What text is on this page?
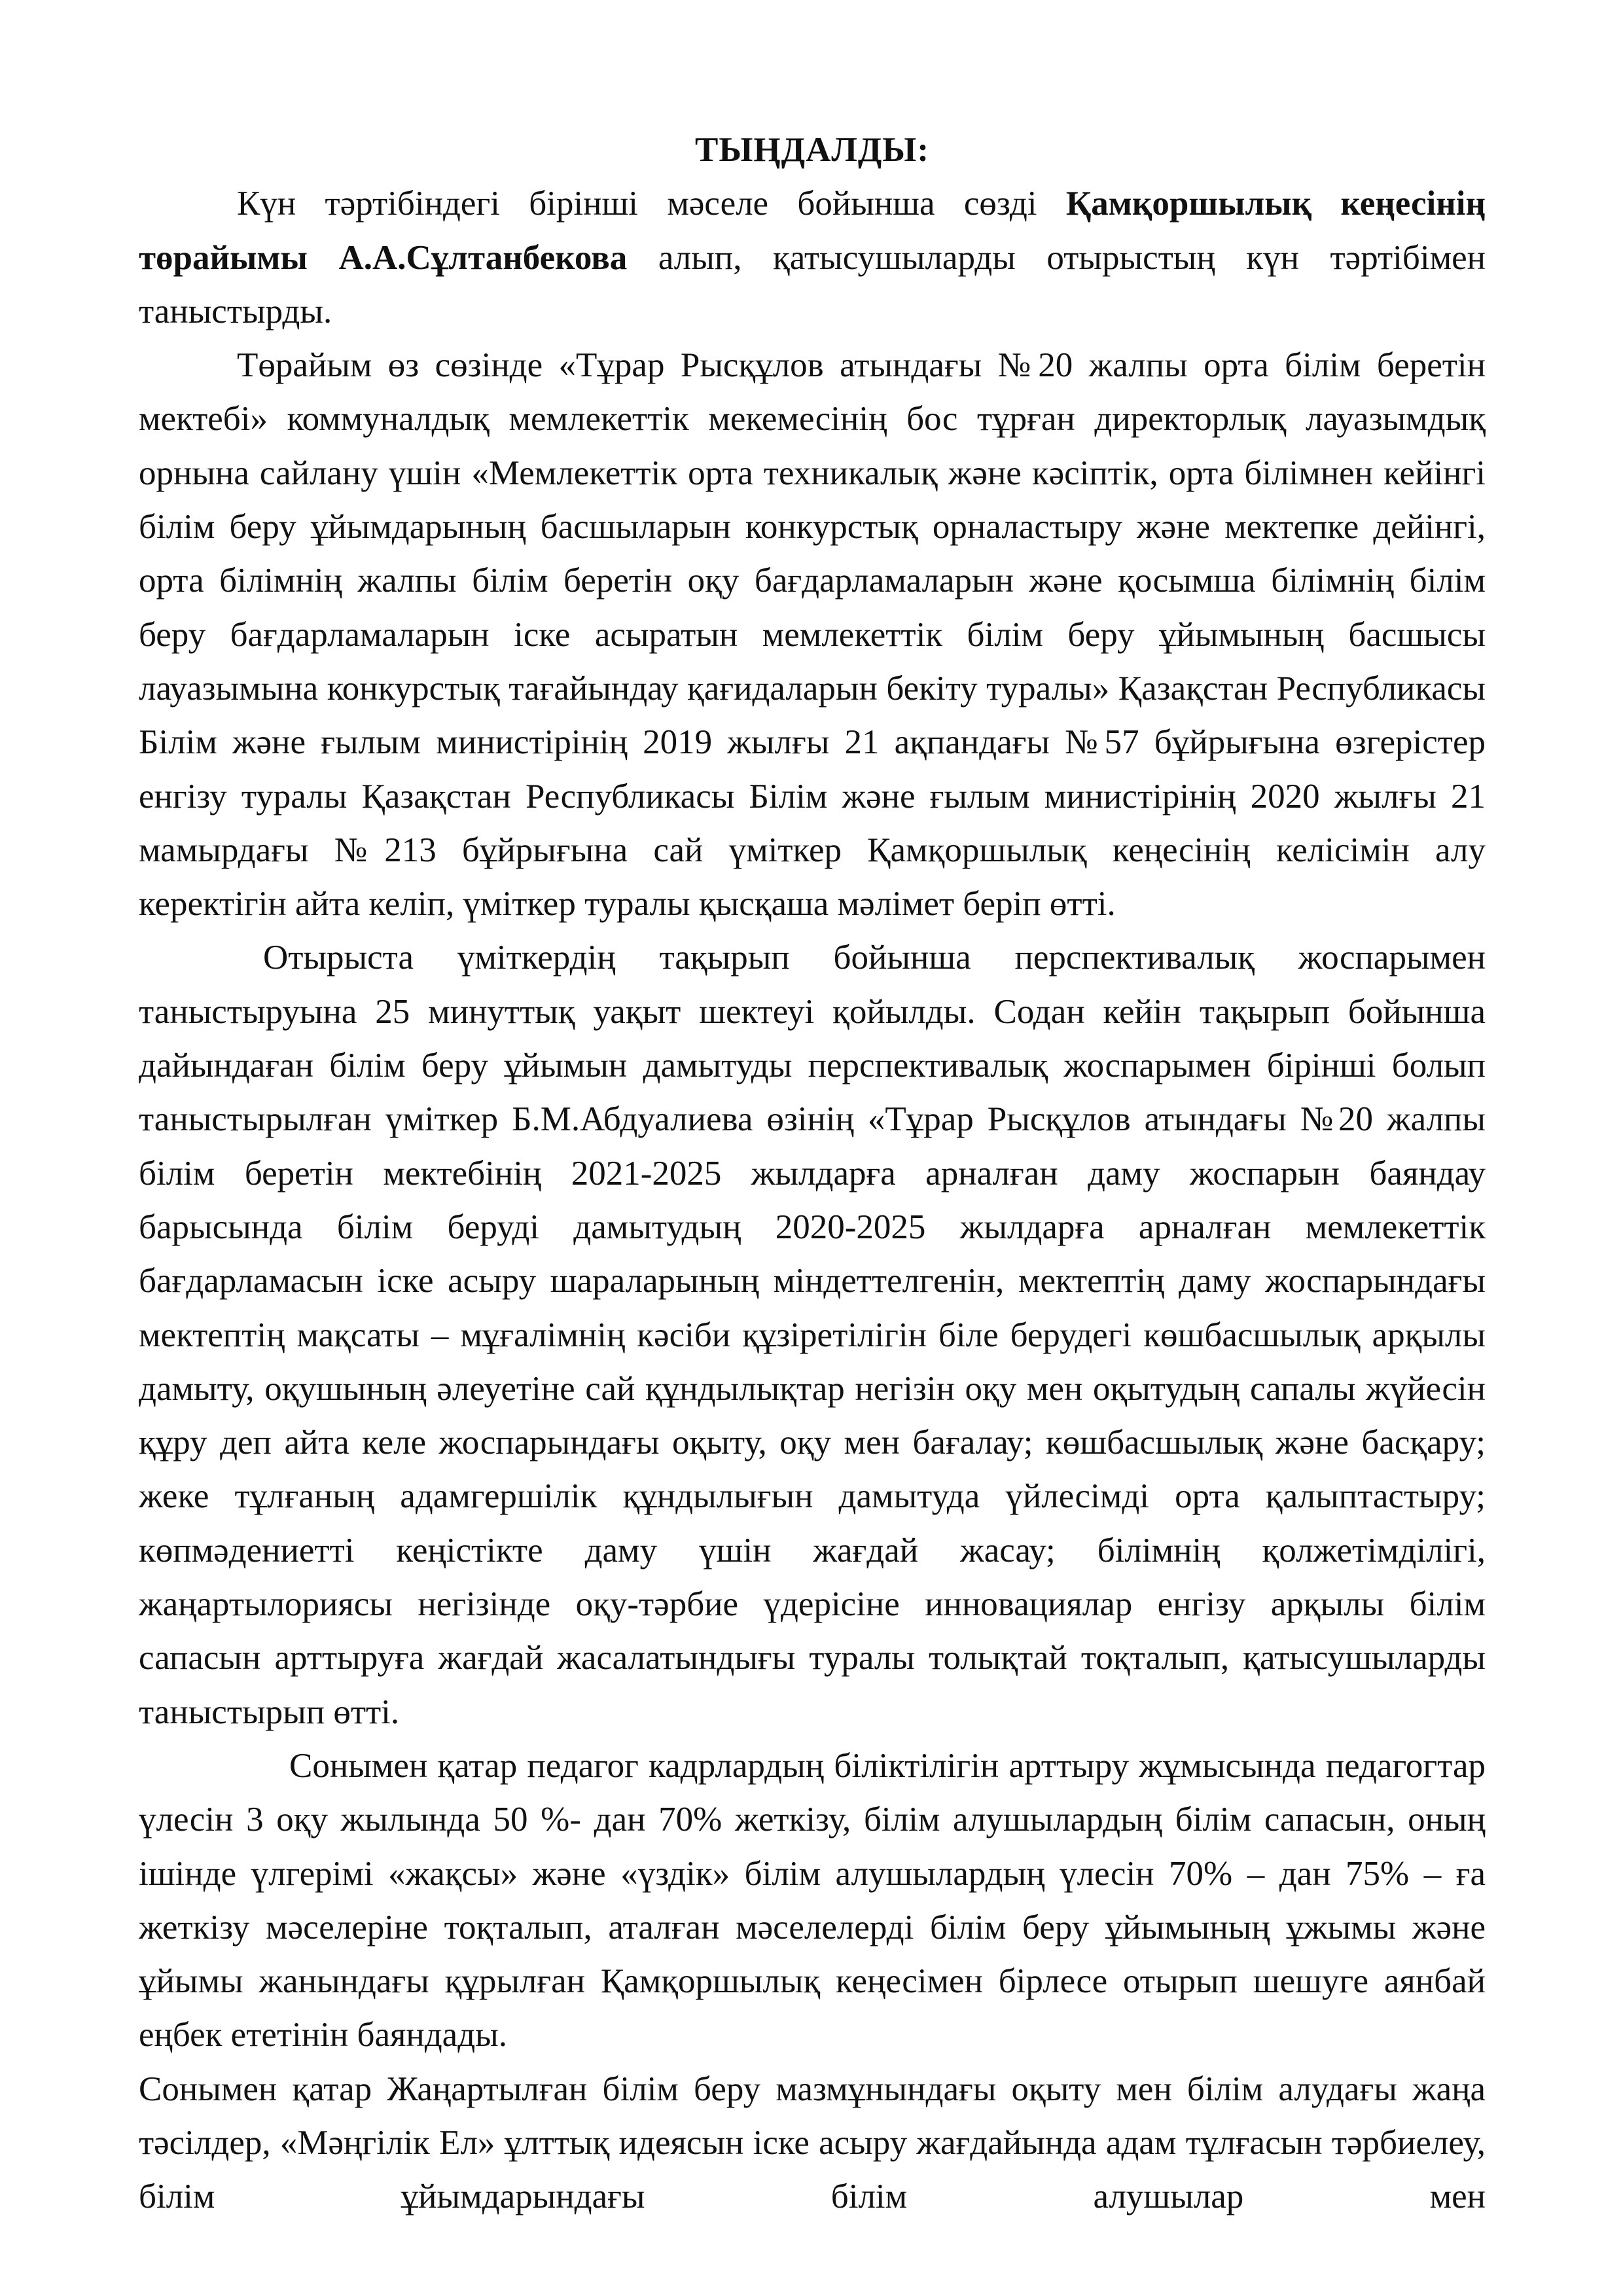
ТЫҢДАЛДЫ:

Күн тәртібіндегі бірінші мәселе бойынша сөзді Қамқоршылық кеңесінің төрайымы А.А.Сұлтанбекова алып, қатысушыларды отырыстың күн тәртібімен таныстырды.

Төрайым өз сөзінде «Тұрар Рысқұлов атындағы №20 жалпы орта білім беретін мектебі» коммуналдық мемлекеттік мекемесінің бос тұрған директорлық лауазымдық орнына сайлану үшін «Мемлекеттік орта техникалық және кәсіптік, орта білімнен кейінгі білім беру ұйымдарының басшыларын конкурстық орналастыру және мектепке дейінгі, орта білімнің жалпы білім беретін оқу бағдарламаларын және қосымша білімнің білім беру бағдарламаларын іске асыратын мемлекеттік білім беру ұйымының басшысы лауазымына конкурстық тағайындау қағидаларын бекіту туралы» Қазақстан Республикасы Білім және ғылым министірінің 2019 жылғы 21 ақпандағы №57 бұйрығына өзгерістер енгізу туралы Қазақстан Республикасы Білім және ғылым министірінің 2020 жылғы 21 мамырдағы №213 бұйрығына сай үміткер Қамқоршылық кеңесінің келісімін алу керектігін айта келіп, үміткер туралы қысқаша мәлімет беріп өтті.

Отырыста үміткердің тақырып бойынша перспективалық жоспарымен таныстыруына 25 минуттық уақыт шектеуі қойылды. Содан кейін тақырып бойынша дайындаған білім беру ұйымын дамытуды перспективалық жоспарымен бірінші болып таныстырылған үміткер Б.М.Абдуалиева өзінің «Тұрар Рысқұлов атындағы №20 жалпы білім беретін мектебінің 2021-2025 жылдарға арналған даму жоспарын баяндау барысында білім беруді дамытудың 2020-2025 жылдарға арналған мемлекеттік бағдарламасын іске асыру шараларының міндеттелгенін, мектептің даму жоспарындағы мектептің мақсаты – мұғалімнің кәсіби құзіретілігін біле берудегі көшбасшылық арқылы дамыту, оқушының әлеуетіне сай құндылықтар негізін оқу мен оқытудың сапалы жүйесін құру деп айта келе жоспарындағы оқыту, оқу мен бағалау; көшбасшылық және басқару; жеке тұлғаның адамгершілік құндылығын дамытуда үйлесімді орта қалыптастыру; көпмәдениетті кеңістікте даму үшін жағдай жасау; білімнің қолжетімділігі, жаңартылориясы негізінде оқу-тәрбие үдерісіне инновациялар енгізу арқылы білім сапасын арттыруға жағдай жасалатындығы туралы толықтай тоқталып, қатысушыларды таныстырып өтті.

Сонымен қатар педагог кадрлардың біліктілігін арттыру жұмысында педагогтар үлесін 3 оқу жылында 50 %- дан 70% жеткізу, білім алушылардың білім сапасын, оның ішінде үлгерімі «жақсы» және «үздік» білім алушылардың үлесін 70% – дан 75% – ға жеткізу мәселеріне тоқталып, аталған мәселелерді білім беру ұйымының ұжымы және ұйымы жанындағы құрылған Қамқоршылық кеңесімен бірлесе отырып шешуге аянбай еңбек ететінін баяндады.

Сонымен қатар Жаңартылған білім беру мазмұнындағы оқыту мен білім алудағы жаңа тәсілдер, «Мәңгілік Ел» ұлттық идеясын іске асыру жағдайында адам тұлғасын тәрбиелеу, білім ұйымдарындағы білім алушылар мен
